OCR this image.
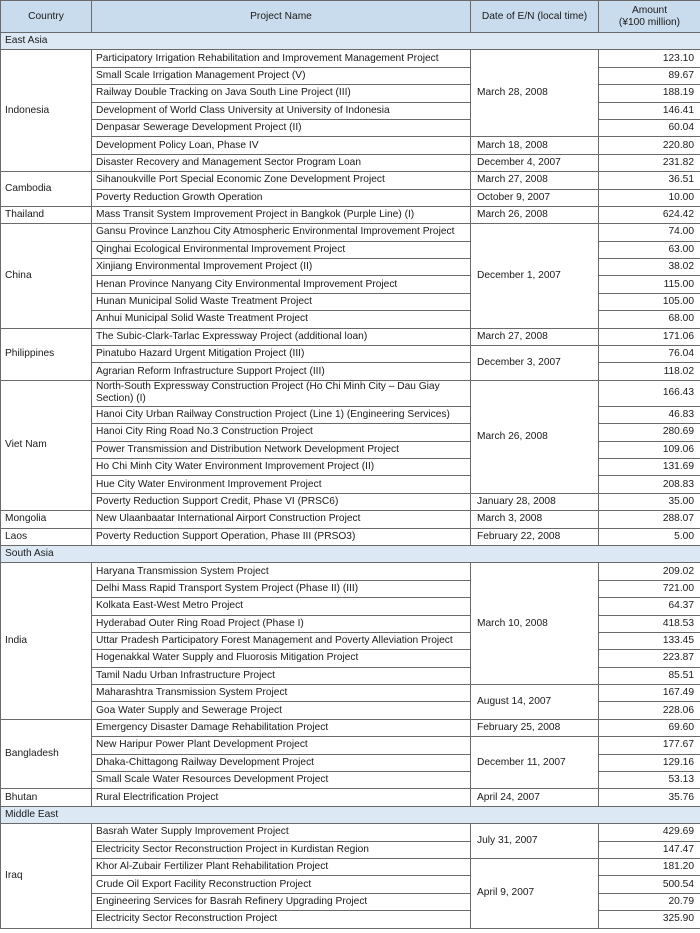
Country	Project Name	Date of E/N (local time)	Amount
(¥100 million)

East Asia			
Indonesia	Participatory Irrigation Rehabilitation and Improvement Management Project	March 28, 2008	123.10
	Small Scale Irrigation Management Project (V)		89.67
	Railway Double Tracking on Java South Line Project (III)		188.19
	Development of World Class University at University of Indonesia		146.41
	Denpasar Sewerage Development Project (II)		60.04
	Development Policy Loan, Phase IV	March 18, 2008	220.80
	Disaster Recovery and Management Sector Program Loan	December 4, 2007	231.82
Cambodia	Sihanoukville Port Special Economic Zone Development Project	March 27, 2008	36.51
	Poverty Reduction Growth Operation	October 9, 2007	10.00
Thailand	Mass Transit System Improvement Project in Bangkok (Purple Line) (I)	March 26, 2008	624.42
China	Gansu Province Lanzhou City Atmospheric Environmental Improvement Project	December 1, 2007	74.00
	Qinghai Ecological Environmental Improvement Project		63.00
	Xinjiang Environmental Improvement Project (II)		38.02
	Henan Province Nanyang City Environmental Improvement Project		115.00
	Hunan Municipal Solid Waste Treatment Project		105.00
	Anhui Municipal Solid Waste Treatment Project		68.00
Philippines	The Subic-Clark-Tarlac Expressway Project (additional loan)	March 27, 2008	171.06
	Pinatubo Hazard Urgent Mitigation Project (III)	December 3, 2007	76.04
	Agrarian Reform Infrastructure Support Project (III)		118.02
Viet Nam	North-South Expressway Construction Project (Ho Chi Minh City – Dau Giay Section) (I)	March 26, 2008	166.43
	Hanoi City Urban Railway Construction Project (Line 1) (Engineering Services)		46.83
	Hanoi City Ring Road No.3 Construction Project		280.69
	Power Transmission and Distribution Network Development Project		109.06
	Ho Chi Minh City Water Environment Improvement Project (II)		131.69
	Hue City Water Environment Improvement Project		208.83
	Poverty Reduction Support Credit, Phase VI (PRSC6)	January 28, 2008	35.00
Mongolia	New Ulaanbaatar International Airport Construction Project	March 3, 2008	288.07
Laos	Poverty Reduction Support Operation, Phase III (PRSO3)	February 22, 2008	5.00
South Asia			
India	Haryana Transmission System Project	March 10, 2008	209.02
	Delhi Mass Rapid Transport System Project (Phase II) (III)		721.00
	Kolkata East-West Metro Project		64.37
	Hyderabad Outer Ring Road Project (Phase I)		418.53
	Uttar Pradesh Participatory Forest Management and Poverty Alleviation Project		133.45
	Hogenakkal Water Supply and Fluorosis Mitigation Project		223.87
	Tamil Nadu Urban Infrastructure Project		85.51
	Maharashtra Transmission System Project	August 14, 2007	167.49
	Goa Water Supply and Sewerage Project		228.06
Bangladesh	Emergency Disaster Damage Rehabilitation Project	February 25, 2008	69.60
	New Haripur Power Plant Development Project	December 11, 2007	177.67
	Dhaka-Chittagong Railway Development Project		129.16
	Small Scale Water Resources Development Project		53.13
Bhutan	Rural Electrification Project	April 24, 2007	35.76
Middle East			
Iraq	Basrah Water Supply Improvement Project	July 31, 2007	429.69
	Electricity Sector Reconstruction Project in Kurdistan Region		147.47
	Khor Al-Zubair Fertilizer Plant Rehabilitation Project	April 9, 2007	181.20
	Crude Oil Export Facility Reconstruction Project		500.54
	Engineering Services for Basrah Refinery Upgrading Project		20.79
	Electricity Sector Reconstruction Project		325.90
